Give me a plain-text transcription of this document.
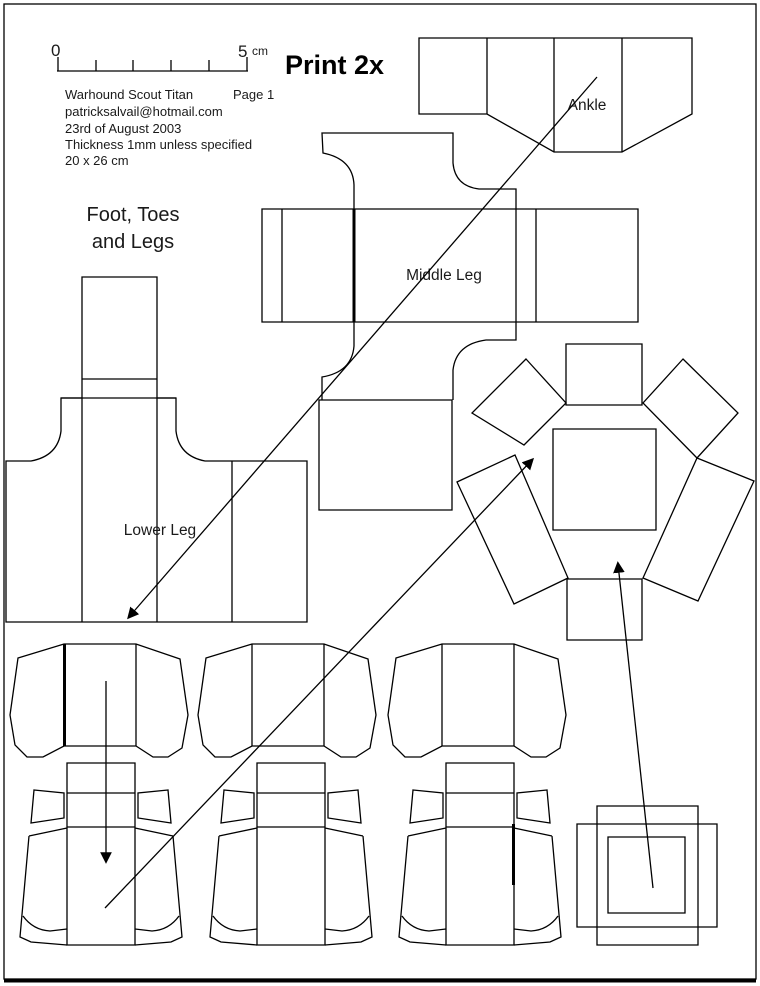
0	5 cm
Warhound Scout Titan	Page 1
patricksalvail@hotmail.com
23rd of August 2003
Thickness 1mm unless specified
20 x 26 cm
Print 2x
Foot, Toes
and Legs
Ankle
Middle Leg
Lower Leg
